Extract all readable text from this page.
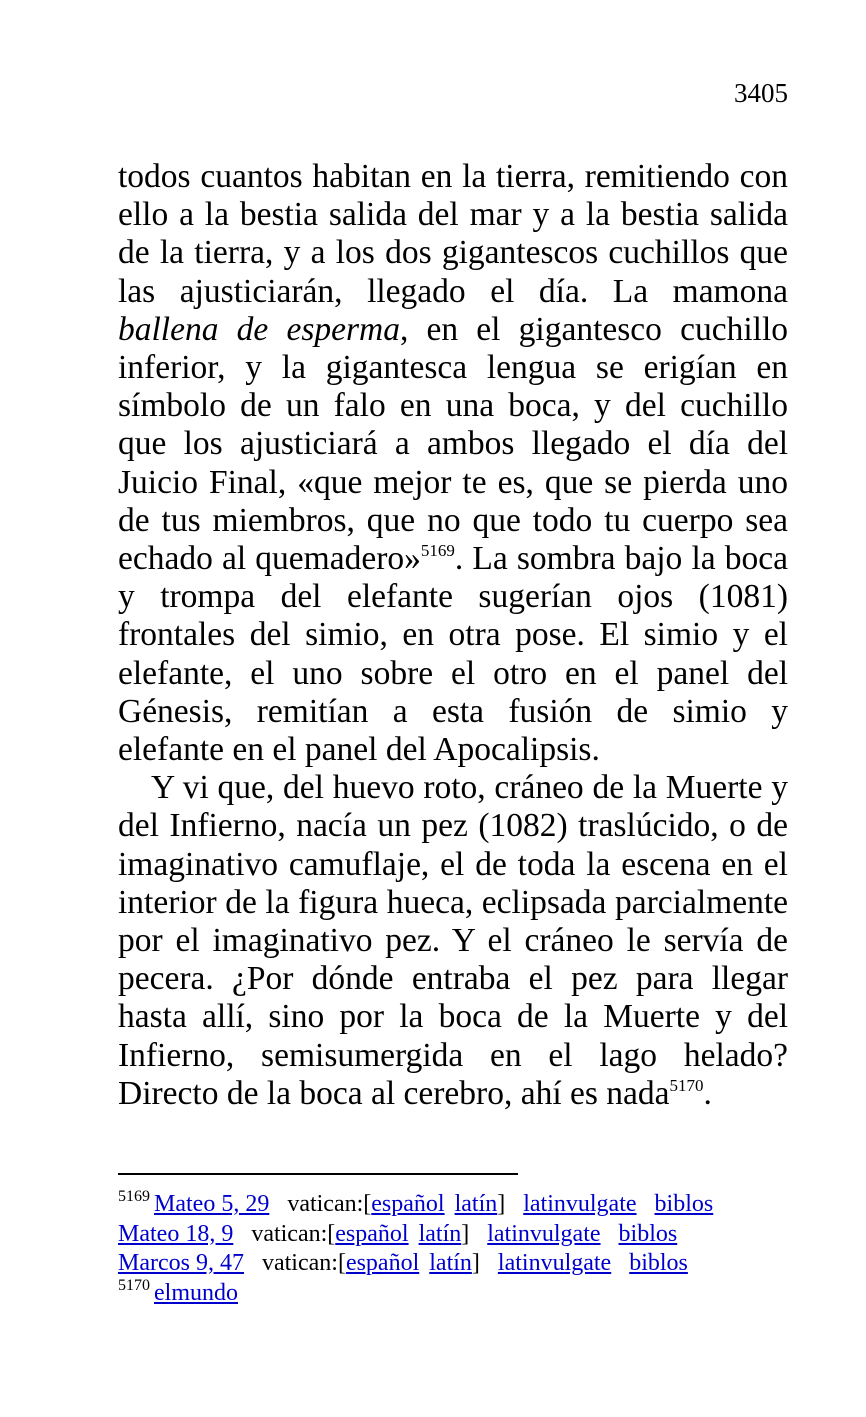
3405

todos cuantos habitan en la tierra, remitiendo con ello a la bestia salida del mar y a la bestia salida de la tierra, y a los dos gigantescos cuchillos que las ajusticiarán, llegado el día. La mamona ballena de esperma, en el gigantesco cuchillo inferior, y la gigantesca lengua se erigían en símbolo de un falo en una boca, y del cuchillo que los ajusticiará a ambos llegado el día del Juicio Final, «que mejor te es, que se pierda uno de tus miembros, que no que todo tu cuerpo sea echado al quemadero»$^{5169}$. La sombra bajo la boca y trompa del elefante sugerían ojos (1081) frontales del simio, en otra pose. El simio y el elefante, el uno sobre el otro en el panel del Génesis, remitían a esta fusión de simio y elefante en el panel del Apocalipsis.

Y vi que, del huevo roto, cráneo de la Muerte y del Infierno, nacía un pez (1082) traslúcido, o de imaginativo camuflaje, el de toda la escena en el interior de la figura hueca, eclipsada parcialmente por el imaginativo pez. Y el cráneo le servía de pecera. ¿Por dónde entraba el pez para llegar hasta allí, sino por la boca de la Muerte y del Infierno, semisumergida en el lago helado? Directo de la boca al cerebro, ahí es nada$^{5170}$.

$^{5169}$ Mateo 5, 29 vatican:[español latín] latinvulgate biblos
Mateo 18, 9 vatican:[español latín] latinvulgate biblos
Marcos 9, 47 vatican:[español latín] latinvulgate biblos
$^{5170}$ elmundo
